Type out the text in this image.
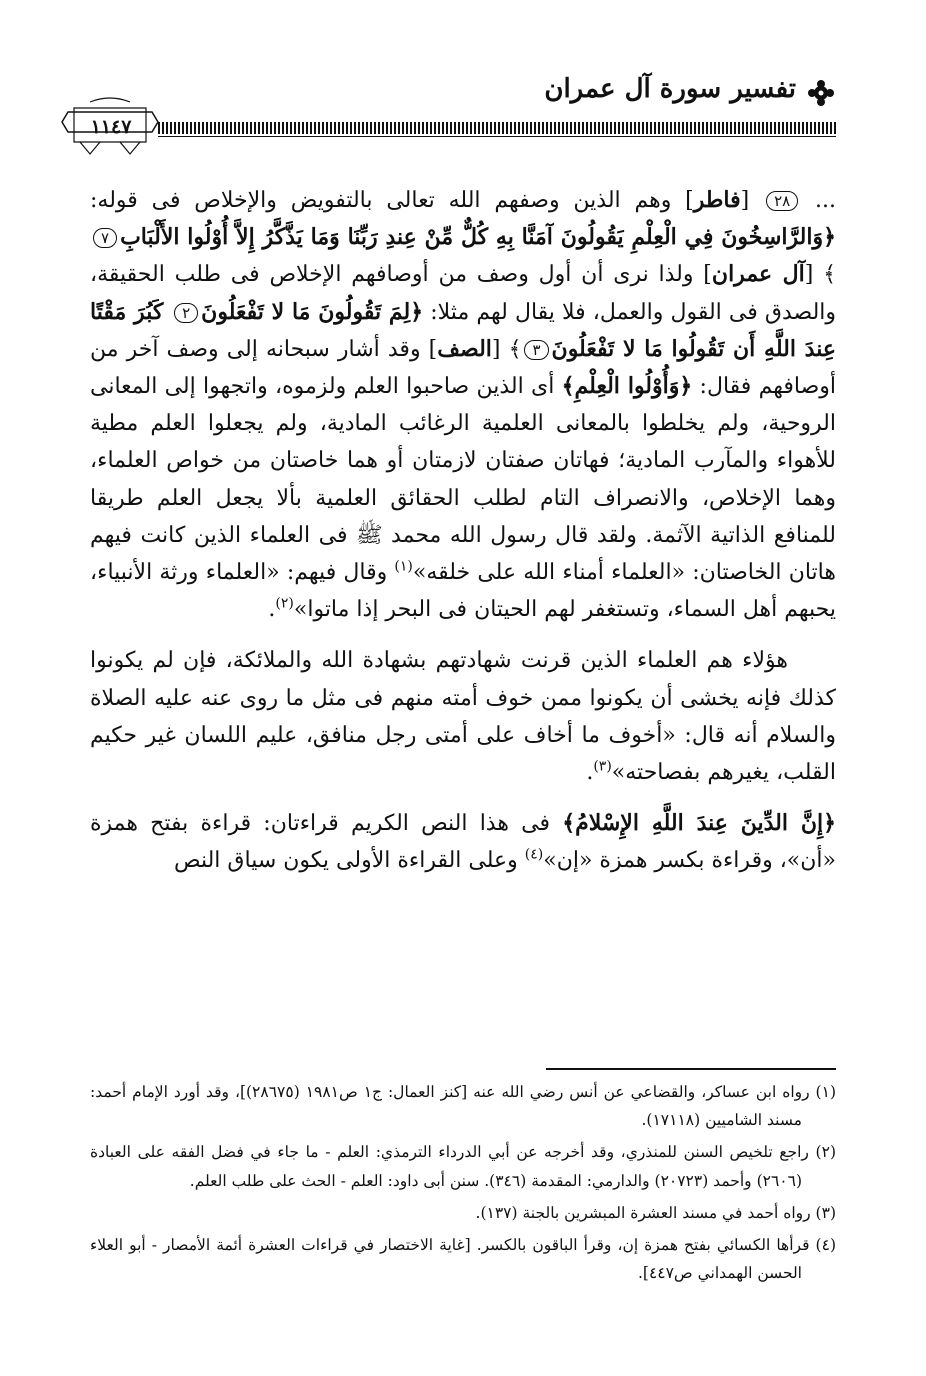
تفسير سورة آل عمران
١١٤٧

... ٢٨ [فاطر] وهم الذين وصفهم الله تعالى بالتفويض والإخلاص فى قوله: ﴿وَالرَّاسِخُونَ فِي الْعِلْمِ يَقُولُونَ آمَنَّا بِهِ كُلٌّ مِّنْ عِندِ رَبِّنَا وَمَا يَذَّكَّرُ إِلاَّ أُوْلُوا الأَلْبَابِ٧﴾ [آل عمران] ولذا نرى أن أول وصف من أوصافهم الإخلاص فى طلب الحقيقة، والصدق فى القول والعمل، فلا يقال لهم مثلا: ﴿لِمَ تَقُولُونَ مَا لا تَفْعَلُونَ٢ كَبُرَ مَقْتًا عِندَ اللَّهِ أَن تَقُولُوا مَا لا تَفْعَلُونَ٣﴾ [الصف] وقد أشار سبحانه إلى وصف آخر من أوصافهم فقال: ﴿وَأُوْلُوا الْعِلْمِ﴾ أى الذين صاحبوا العلم ولزموه، واتجهوا إلى المعانى الروحية، ولم يخلطوا بالمعانى العلمية الرغائب المادية، ولم يجعلوا العلم مطية للأهواء والمآرب المادية؛ فهاتان صفتان لازمتان أو هما خاصتان من خواص العلماء، وهما الإخلاص، والانصراف التام لطلب الحقائق العلمية بألا يجعل العلم طريقا للمنافع الذاتية الآثمة. ولقد قال رسول الله محمد ﷺ فى العلماء الذين كانت فيهم هاتان الخاصتان: «العلماء أمناء الله على خلقه»$^{(١)}$ وقال فيهم: «العلماء ورثة الأنبياء، يحبهم أهل السماء، وتستغفر لهم الحيتان فى البحر إذا ماتوا»$^{(٢)}$.

هؤلاء هم العلماء الذين قرنت شهادتهم بشهادة الله والملائكة، فإن لم يكونوا كذلك فإنه يخشى أن يكونوا ممن خوف أمته منهم فى مثل ما روى عنه عليه الصلاة والسلام أنه قال: «أخوف ما أخاف على أمتى رجل منافق، عليم اللسان غير حكيم القلب، يغيرهم بفصاحته»$^{(٣)}$.

﴿إِنَّ الدِّينَ عِندَ اللَّهِ الإِسْلامُ﴾ فى هذا النص الكريم قراءتان: قراءة بفتح همزة «أن»، وقراءة بكسر همزة «إن»$^{(٤)}$ وعلى القراءة الأولى يكون سياق النص

(١) رواه ابن عساكر، والقضاعي عن أنس رضي الله عنه [كنز العمال: ج١ ص١٩٨١ (٢٨٦٧٥)]، وقد أورد الإمام أحمد: مسند الشاميين (١٧١١٨).

(٢) راجع تلخيص السنن للمنذري، وقد أخرجه عن أبي الدرداء الترمذي: العلم - ما جاء في فضل الفقه على العبادة (٢٦٠٦) وأحمد (٢٠٧٢٣) والدارمي: المقدمة (٣٤٦). سنن أبى داود: العلم - الحث على طلب العلم.

(٣) رواه أحمد في مسند العشرة المبشرين بالجنة (١٣٧).

(٤) قرأها الكسائي بفتح همزة إن، وقرأ الباقون بالكسر. [غاية الاختصار في قراءات العشرة أئمة الأمصار - أبو العلاء الحسن الهمداني ص٤٤٧].
